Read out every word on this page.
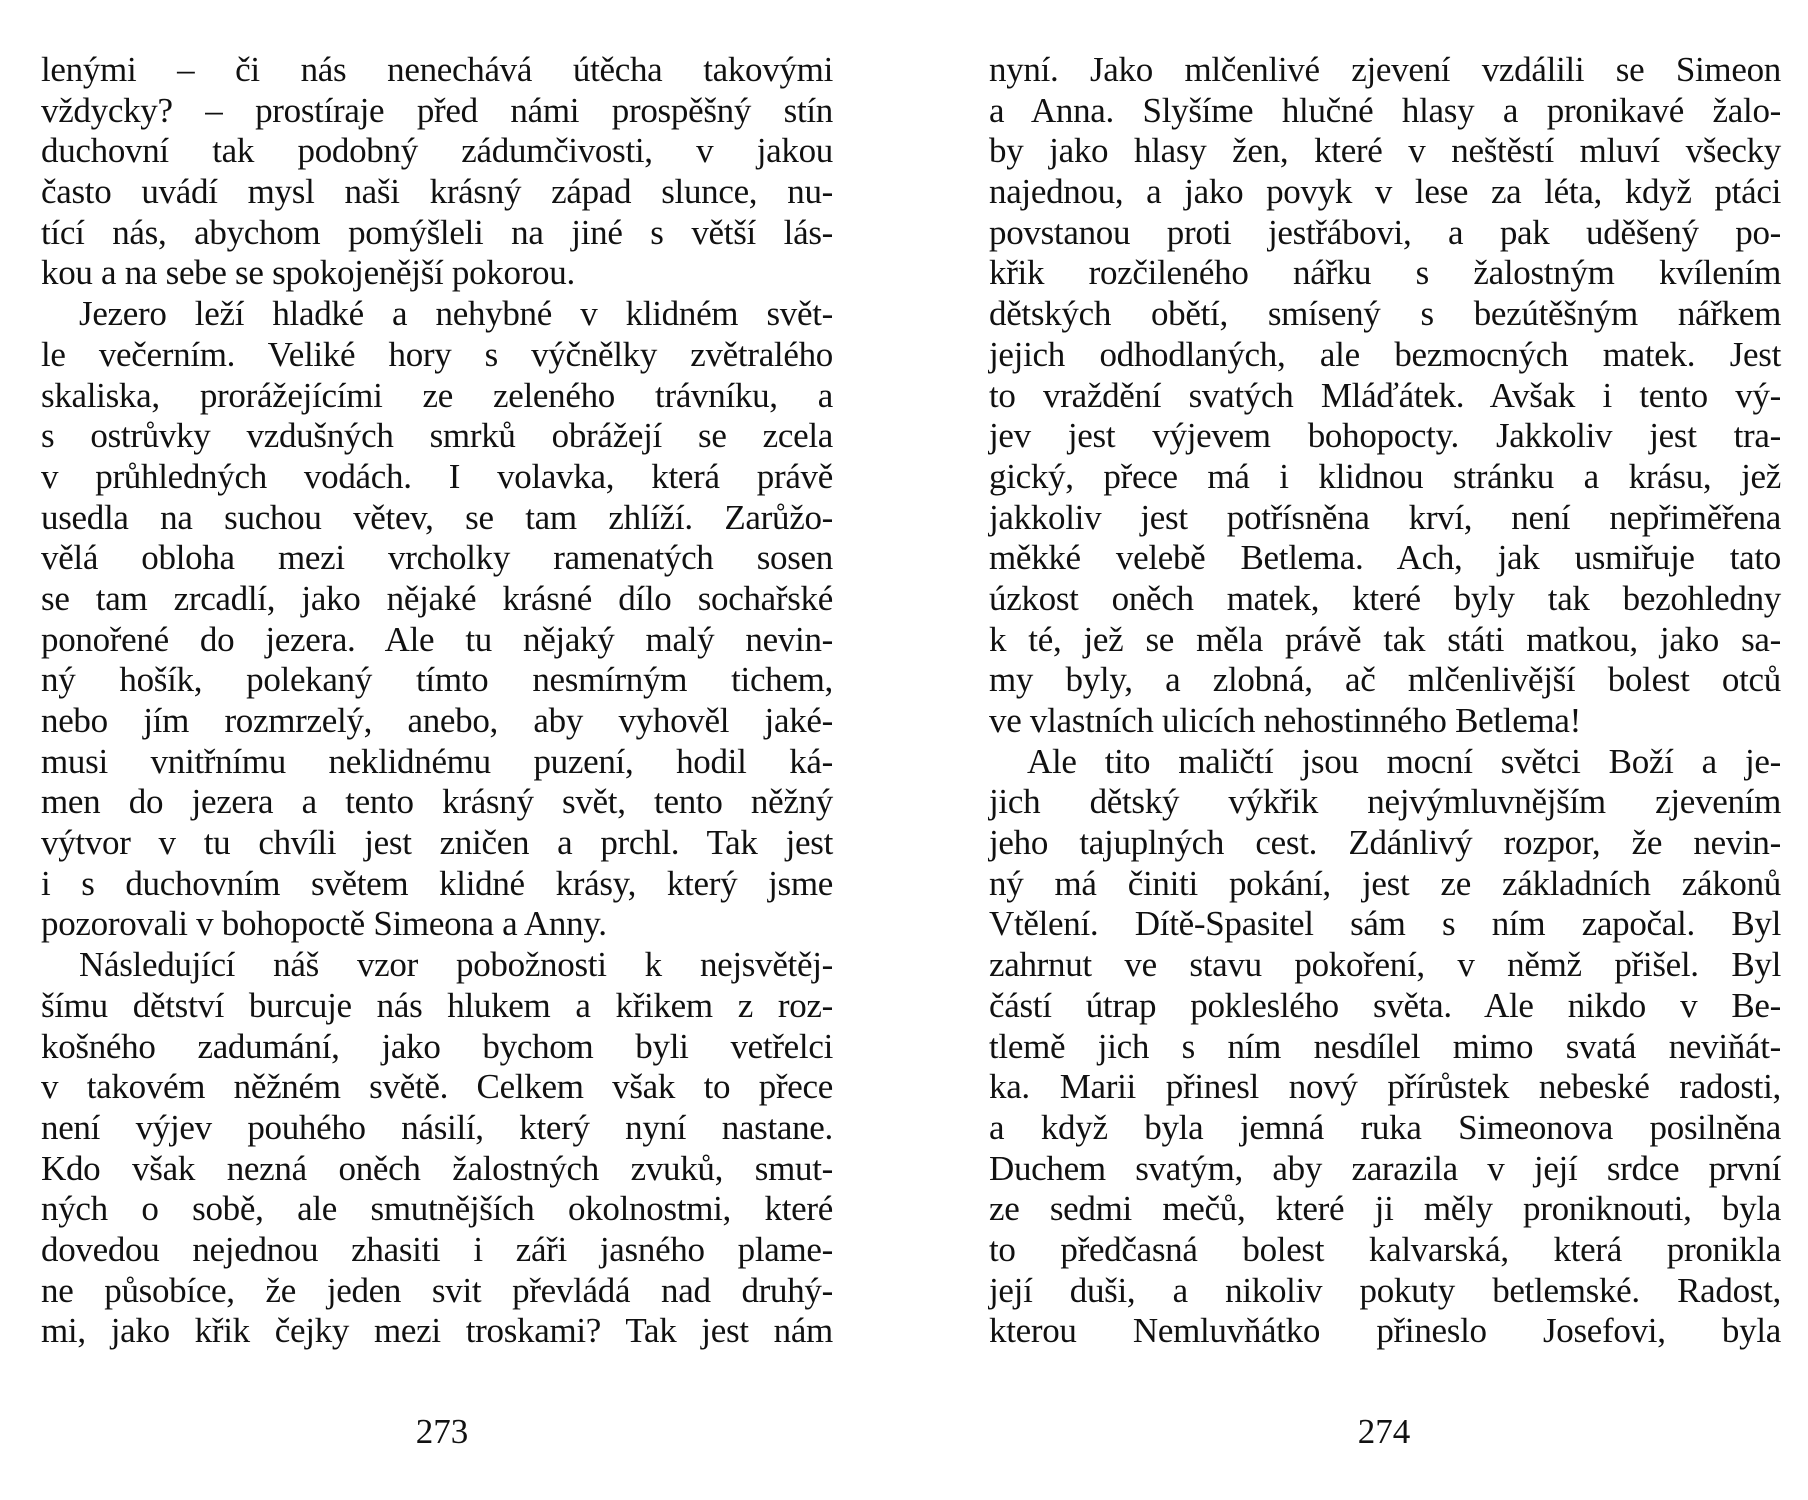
lenými – či nás nenechává útěcha takovými
vždycky? – prostíraje před námi prospěšný stín
duchovní tak podobný zádumčivosti, v jakou
často uvádí mysl naši krásný západ slunce, nu-
tící nás, abychom pomýšleli na jiné s větší lás-
kou a na sebe se spokojenější pokorou.
Jezero leží hladké a nehybné v klidném svět-
le večerním. Veliké hory s výčnělky zvětralého
skaliska, prorážejícími ze zeleného trávníku, a
s ostrůvky vzdušných smrků obrážejí se zcela
v průhledných vodách. I volavka, která právě
usedla na suchou větev, se tam zhlíží. Zarůžo-
vělá obloha mezi vrcholky ramenatých sosen
se tam zrcadlí, jako nějaké krásné dílo sochařské
ponořené do jezera. Ale tu nějaký malý nevin-
ný hošík, polekaný tímto nesmírným tichem,
nebo jím rozmrzelý, anebo, aby vyhověl jaké-
musi vnitřnímu neklidnému puzení, hodil ká-
men do jezera a tento krásný svět, tento něžný
výtvor v tu chvíli jest zničen a prchl. Tak jest
i s duchovním světem klidné krásy, který jsme
pozorovali v bohopoctě Simeona a Anny.
Následující náš vzor pobožnosti k nejsvětěj-
šímu dětství burcuje nás hlukem a křikem z roz-
košného zadumání, jako bychom byli vetřelci
v takovém něžném světě. Celkem však to přece
není výjev pouhého násilí, který nyní nastane.
Kdo však nezná oněch žalostných zvuků, smut-
ných o sobě, ale smutnějších okolnostmi, které
dovedou nejednou zhasiti i záři jasného plame-
ne působíce, že jeden svit převládá nad druhý-
mi, jako křik čejky mezi troskami? Tak jest nám
nyní. Jako mlčenlivé zjevení vzdálili se Simeon
a Anna. Slyšíme hlučné hlasy a pronikavé žalo-
by jako hlasy žen, které v neštěstí mluví všecky
najednou, a jako povyk v lese za léta, když ptáci
povstanou proti jestřábovi, a pak uděšený po-
křik rozčileného nářku s žalostným kvílením
dětských obětí, smísený s bezútěšným nářkem
jejich odhodlaných, ale bezmocných matek. Jest
to vraždění svatých Mláďátek. Avšak i tento vý-
jev jest výjevem bohopocty. Jakkoliv jest tra-
gický, přece má i klidnou stránku a krásu, jež
jakkoliv jest potřísněna krví, není nepřiměřena
měkké velebě Betlema. Ach, jak usmiřuje tato
úzkost oněch matek, které byly tak bezohledny
k té, jež se měla právě tak státi matkou, jako sa-
my byly, a zlobná, ač mlčenlivější bolest otců
ve vlastních ulicích nehostinného Betlema!
Ale tito maličtí jsou mocní světci Boží a je-
jich dětský výkřik nejvýmluvnějším zjevením
jeho tajuplných cest. Zdánlivý rozpor, že nevin-
ný má činiti pokání, jest ze základních zákonů
Vtělení. Dítě-Spasitel sám s ním započal. Byl
zahrnut ve stavu pokoření, v němž přišel. Byl
částí útrap pokleslého světa. Ale nikdo v Be-
tlemě jich s ním nesdílel mimo svatá neviňát-
ka. Marii přinesl nový přírůstek nebeské radosti,
a když byla jemná ruka Simeonova posilněna
Duchem svatým, aby zarazila v její srdce první
ze sedmi mečů, které ji měly proniknouti, byla
to předčasná bolest kalvarská, která pronikla
její duši, a nikoliv pokuty betlemské. Radost,
kterou Nemluvňátko přineslo Josefovi, byla
273	274
